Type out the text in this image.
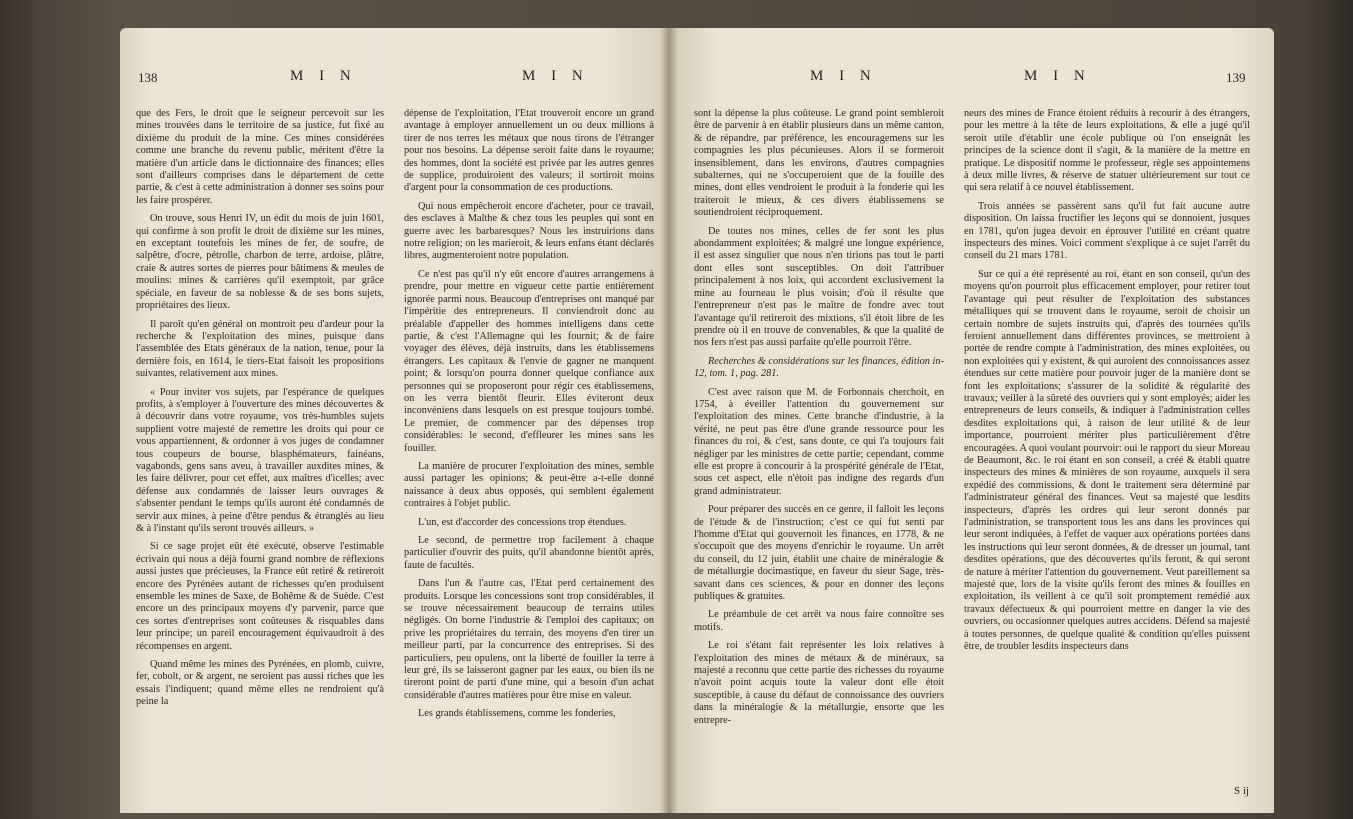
138	M I N	M I N

que des Fers, le droit que le seigneur percevoit sur les mines trouvées dans le territoire de sa justice, fut fixé au dixième du produit de la mine. Ces mines considérées comme une branche du revenu public, méritent d'être la matière d'un article dans le dictionnaire des finances; elles sont d'ailleurs comprises dans le département de cette partie, & c'est à cette administration à donner ses soins pour les faire prospérer.

On trouve, sous Henri IV, un édit du mois de juin 1601, qui confirme à son profit le droit de dixième sur les mines, en exceptant toutefois les mines de fer, de soufre, de salpêtre, d'ocre, pétrolle, charbon de terre, ardoise, plâtre, craie & autres sortes de pierres pour bâtimens & meules de moulins: mines & carrières qu'il exemptoit, par grâce spéciale, en faveur de sa noblesse & de ses bons sujets, propriétaires des lieux.

Il paroît qu'en général on montroit peu d'ardeur pour la recherche & l'exploitation des mines, puisque dans l'assemblée des Etats généraux de la nation, tenue, pour la dernière fois, en 1614, le tiers-Etat faisoit les propositions suivantes, relativement aux mines.

« Pour inviter vos sujets, par l'espérance de quelques profits, à s'employer à l'ouverture des mines découvertes & à découvrir dans votre royaume, vos très-humbles sujets supplient votre majesté de remettre les droits qui pour ce vous appartiennent, & ordonner à vos juges de condamner tous coupeurs de bourse, blasphémateurs, fainéans, vagabonds, gens sans aveu, à travailler auxdites mines, & les faire délivrer, pour cet effet, aux maîtres d'icelles; avec défense aux condamnés de laisser leurs ouvrages & s'absenter pendant le temps qu'ils auront été condamnés de servir aux mines, à peine d'être pendus & étranglés au lieu & à l'instant qu'ils seront trouvés ailleurs. »

Si ce sage projet eût été exécuté, observe l'estimable écrivain qui nous a déjà fourni grand nombre de réflexions aussi justes que précieuses, la France eût retiré & retireroit encore des Pyrénées autant de richesses qu'en produisent ensemble les mines de Saxe, de Bohême & de Suède. C'est encore un des principaux moyens d'y parvenir, parce que ces sortes d'entreprises sont coûteuses & risquables dans leur principe; un pareil encouragement équivaudroit à des récompenses en argent.

Quand même les mines des Pyrénées, en plomb, cuivre, fer, cobolt, or & argent, ne seroient pas aussi riches que les essais l'indiquent; quand même elles ne rendroient qu'à peine la

dépense de l'exploitation, l'Etat trouveroit encore un grand avantage à employer annuellement un ou deux millions à tirer de nos terres les métaux que nous tirons de l'étranger pour nos besoins. La dépense seroit faite dans le royaume; des hommes, dont la société est privée par les autres genres de supplice, produiroient des valeurs; il sortiroit moins d'argent pour la consommation de ces productions.

Qui nous empêcheroit encore d'acheter, pour ce travail, des esclaves à Malthe & chez tous les peuples qui sont en guerre avec les barbaresques? Nous les instruirions dans notre religion; on les marieroit, & leurs enfans étant déclarés libres, augmenteroient notre population.

Ce n'est pas qu'il n'y eût encore d'autres arrangemens à prendre, pour mettre en vigueur cette partie entièrement ignorée parmi nous. Beaucoup d'entreprises ont manqué par l'impéritie des entrepreneurs. Il conviendroit donc au préalable d'appeller des hommes intelligens dans cette partie, & c'est l'Allemagne qui les fournit; & de faire voyager des élèves, déjà instruits, dans les établissemens étrangers. Les capitaux & l'envie de gagner ne manquent point; & lorsqu'on pourra donner quelque confiance aux personnes qui se proposeront pour régir ces établissemens, on les verra bientôt fleurir. Elles éviteront deux inconvéniens dans lesquels on est presque toujours tombé. Le premier, de commencer par des dépenses trop considérables: le second, d'effleurer les mines sans les fouiller.

La manière de procurer l'exploitation des mines, semble aussi partager les opinions; & peut-être a-t-elle donné naissance à deux abus opposés, qui semblent également contraires à l'objet public.

L'un, est d'accorder des concessions trop étendues.

Le second, de permettre trop facilement à chaque particulier d'ouvrir des puits, qu'il abandonne bientôt après, faute de facultés.

Dans l'un & l'autre cas, l'Etat perd certainement des produits. Lorsque les concessions sont trop considérables, il se trouve nécessairement beaucoup de terrains utiles négligés. On borne l'industrie & l'emploi des capitaux; on prive les propriétaires du terrain, des moyens d'en tirer un meilleur parti, par la concurrence des entreprises. Si des particuliers, peu opulens, ont la liberté de fouiller la terre à leur gré, ils se laisseront gagner par les eaux, ou bien ils ne tireront point de parti d'une mine, qui a besoin d'un achat considérable d'autres matières pour être mise en valeur.

Les grands établissemens, comme les fonderies,

M I N	M I N	139

sont la dépense la plus coûteuse. Le grand point sembleroit être de parvenir à en établir plusieurs dans un même canton, & de répandre, par préférence, les encouragemens sur les compagnies les plus pécunieuses. Alors il se formeroit insensiblement, dans les environs, d'autres compagnies subalternes, qui ne s'occuperoient que de la fouille des mines, dont elles vendroient le produit à la fonderie qui les traiteroit le mieux, & ces divers établissemens se soutiendroient réciproquement.

De toutes nos mines, celles de fer sont les plus abondamment exploitées; & malgré une longue expérience, il est assez singulier que nous n'en tirions pas tout le parti dont elles sont susceptibles. On doit l'attribuer principalement à nos loix, qui accordent exclusivement la mine au fourneau le plus voisin; d'où il résulte que l'entrepreneur n'est pas le maître de fondre avec tout l'avantage qu'il retireroit des mixtions, s'il étoit libre de les prendre où il en trouve de convenables, & que la qualité de nos fers n'est pas aussi parfaite qu'elle pourroit l'être.

Recherches & considérations sur les finances, édition in-12, tom. 1, pag. 281.

C'est avec raison que M. de Forbonnais cherchoit, en 1754, à éveiller l'attention du gouvernement sur l'exploitation des mines. Cette branche d'industrie, à la vérité, ne peut pas être d'une grande ressource pour les finances du roi, & c'est, sans doute, ce qui l'a toujours fait négliger par les ministres de cette partie; cependant, comme elle est propre à concourir à la prospérité générale de l'Etat, sous cet aspect, elle n'étoit pas indigne des regards d'un grand administrateur.

Pour préparer des succès en ce genre, il falloit les leçons de l'étude & de l'instruction; c'est ce qui fut senti par l'homme d'Etat qui gouvernoit les finances, en 1778, & ne s'occupoit que des moyens d'enrichir le royaume. Un arrêt du conseil, du 12 juin, établit une chaire de minéralogie & de métallurgie docimastique, en faveur du sieur Sage, très-savant dans ces sciences, & pour en donner des leçons publiques & gratuites.

Le préambule de cet arrêt va nous faire connoître ses motifs.

Le roi s'étant fait représenter les loix relatives à l'exploitation des mines de métaux & de minéraux, sa majesté a reconnu que cette partie des richesses du royaume n'avoit point acquis toute la valeur dont elle étoit susceptible, à cause du défaut de connoissance des ouvriers dans la minéralogie & la métallurgie, ensorte que les entrepre-

neurs des mines de France étoient réduits à recourir à des étrangers, pour les mettre à la tête de leurs exploitations, & elle a jugé qu'il seroit utile d'établir une école publique où l'on enseignât les principes de la science dont il s'agit, & la manière de la mettre en pratique. Le dispositif nomme le professeur, règle ses appointemens à deux mille livres, & réserve de statuer ultérieurement sur tout ce qui sera relatif à ce nouvel établissement.

Trois années se passèrent sans qu'il fut fait aucune autre disposition. On laissa fructifier les leçons qui se donnoient, jusques en 1781, qu'on jugea devoir en éprouver l'utilité en créant quatre inspecteurs des mines. Voici comment s'explique à ce sujet l'arrêt du conseil du 21 mars 1781.

Sur ce qui a été représenté au roi, étant en son conseil, qu'un des moyens qu'on pourroit plus efficacement employer, pour retirer tout l'avantage qui peut résulter de l'exploitation des substances métalliques qui se trouvent dans le royaume, seroit de choisir un certain nombre de sujets instruits qui, d'après des tournées qu'ils feroient annuellement dans différentes provinces, se mettroient à portée de rendre compte à l'administration, des mines exploitées, ou non exploitées qui y existent, & qui auroient des connoissances assez étendues sur cette matière pour pouvoir juger de la manière dont se font les exploitations; s'assurer de la solidité & régularité des travaux; veiller à la sûreté des ouvriers qui y sont employés; aider les entrepreneurs de leurs conseils, & indiquer à l'administration celles desdites exploitations qui, à raison de leur utilité & de leur importance, pourroient mériter plus particulièrement d'être encouragées. A quoi voulant pourvoir: oui le rapport du sieur Moreau de Beaumont, &c. le roi étant en son conseil, a créé & établi quatre inspecteurs des mines & minières de son royaume, auxquels il sera expédié des commissions, & dont le traitement sera déterminé par l'administrateur général des finances. Veut sa majesté que lesdits inspecteurs, d'après les ordres qui leur seront donnés par l'administration, se transportent tous les ans dans les provinces qui leur seront indiquées, à l'effet de vaquer aux opérations portées dans les instructions qui leur seront données, & de dresser un journal, tant desdites opérations, que des découvertes qu'ils feront, & qui seront de nature à mériter l'attention du gouvernement. Veut pareillement sa majesté que, lors de la visite qu'ils feront des mines & fouilles en exploitation, ils veillent à ce qu'il soit promptement remédié aux travaux défectueux & qui pourroient mettre en danger la vie des ouvriers, ou occasionner quelques autres accidens. Défend sa majesté à toutes personnes, de quelque qualité & condition qu'elles puissent être, de troubler lesdits inspecteurs dans

S ij
